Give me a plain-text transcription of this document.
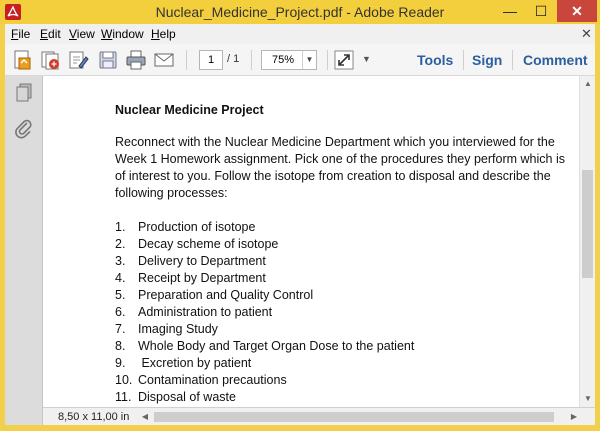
Nuclear_Medicine_Project.pdf - Adobe Reader	—	☐	✕
File Edit View Window Help	✕
1	/ 1	75%	▼	▼	Tools Sign Comment
Nuclear Medicine Project
Reconnect with the Nuclear Medicine Department which you interviewed for the Week 1 Homework assignment. Pick one of the procedures they perform which is of interest to you. Follow the isotope from creation to disposal and describe the following processes:
1. Production of isotope
2. Decay scheme of isotope
3. Delivery to Department
4. Receipt by Department
5. Preparation and Quality Control
6. Administration to patient
7. Imaging Study
8. Whole Body and Target Organ Dose to the patient
9. Excretion by patient
10. Contamination precautions
11. Disposal of waste
▲
▼
8,50 x 11,00 in	◀	▶
